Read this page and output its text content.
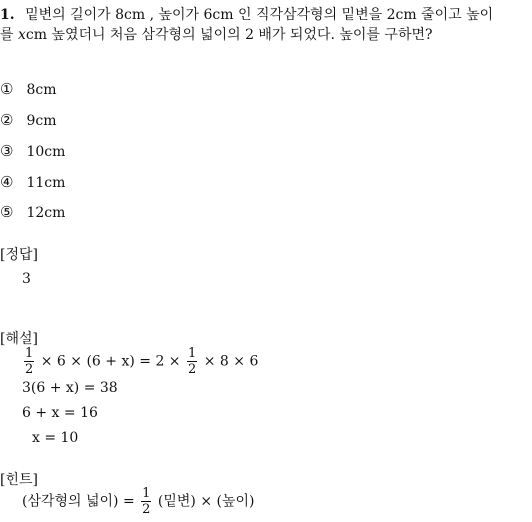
1. 밑변의 길이가 8cm , 높이가 6cm 인 직각삼각형의 밑변을 2cm 줄이고 높이
를 xcm 높였더니 처음 삼각형의 넓이의 2 배가 되었다. 높이를 구하면?
① 8cm
② 9cm
③ 10cm
④ 11cm
⑤ 12cm
[정답]
3
[해설]
$\frac{1}{2} \times 6 \times (6 + x) = 2 \times \frac{1}{2} \times 8 \times 6$
3(6 + x) = 38
6 + x = 16
x = 10
[힌트]
(삼각형의 넓이) = $\frac{1}{2}$ (밑변) × (높이)
